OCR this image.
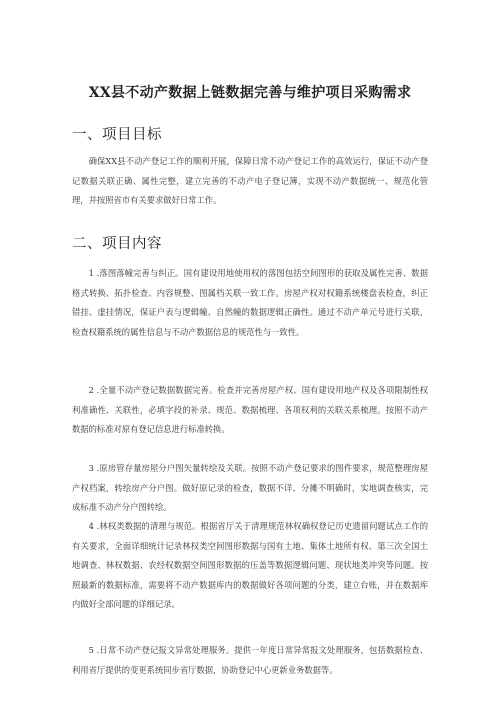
XX县不动产数据上链数据完善与维护项目采购需求
一、项目目标

确保XX县不动产登记工作的顺利开展，保障日常不动产登记工作的高效运行，保证不动产登记数据关联正确、属性完整，建立完善的不动产电子登记簿，实现不动产数据统一、规范化管理，并按照省市有关要求做好日常工作。

二、项目内容

1 .落图落幢完善与纠正。国有建设用地使用权的落图包括空间图形的获取及属性完善、数据格式转换、拓扑检查、内容规整、图属档关联一致工作。房屋产权对权籍系统楼盘表检查，纠正错挂、虚挂情况，保证户表与逻辑幢、自然幢的数据逻辑正确性。通过不动产单元号进行关联，检查权籍系统的属性信息与不动产数据信息的规范性与一致性。

2 .全量不动产登记数据数据完善。检查并完善房屋产权、国有建设用地产权及各项限制性权利准确性、关联性，必填字段的补录、规范、数据梳理、各项权利的关联关系梳理。按照不动产数据的标准对原有登记信息进行标准转换。

3 .原房管存量房屋分户图矢量转绘及关联。按照不动产登记要求的图件要求，规范整理房屋产权档案，转绘房产分户图。做好原记录的检查，数据不详、分摊不明确时，实地调查核实，完成标准不动产分户图转绘。

4 .林权类数据的清理与规范。根据省厅关于清理规范林权确权登记历史遗留问题试点工作的有关要求，全面详细统计记录林权类空间图形数据与国有土地、集体土地所有权、第三次全国土地调查、林权数据、农经权数据空间图形数据的压盖等数据逻辑问题、现状地类冲突等问题。按照最新的数据标准，需要将不动产数据库内的数据做好各项问题的分类，建立台账，并在数据库内做好全部问题的详细记录。

5 .日常不动产登记报文异常处理服务。提供一年度日常异常报文处理服务，包括数据检查、利用省厅提供的变更系统同步省厅数据，协助登记中心更新业务数据等。
